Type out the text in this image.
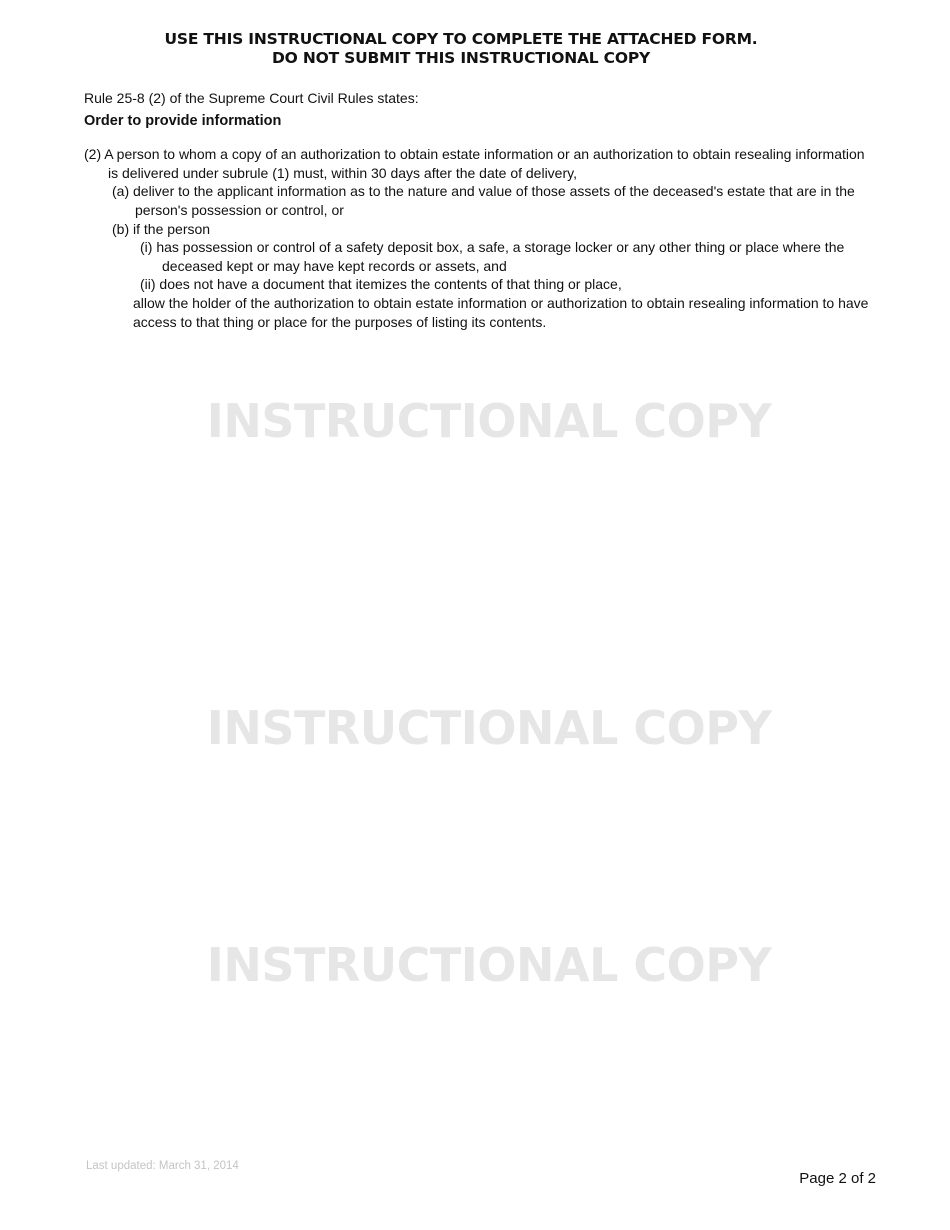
USE THIS INSTRUCTIONAL COPY TO COMPLETE THE ATTACHED FORM.
DO NOT SUBMIT THIS INSTRUCTIONAL COPY
INSTRUCTIONAL COPY
INSTRUCTIONAL COPY
INSTRUCTIONAL COPY

Rule 25-8 (2) of the Supreme Court Civil Rules states:

Order to provide information

(2) A person to whom a copy of an authorization to obtain estate information or an authorization to obtain resealing information is delivered under subrule (1) must, within 30 days after the date of delivery,

(a) deliver to the applicant information as to the nature and value of those assets of the deceased's estate that are in the person's possession or control, or

(b) if the person

(i) has possession or control of a safety deposit box, a safe, a storage locker or any other thing or place where the deceased kept or may have kept records or assets, and

(ii) does not have a document that itemizes the contents of that thing or place,

allow the holder of the authorization to obtain estate information or authorization to obtain resealing information to have access to that thing or place for the purposes of listing its contents.

Last updated: March 31, 2014
Page 2 of 2
